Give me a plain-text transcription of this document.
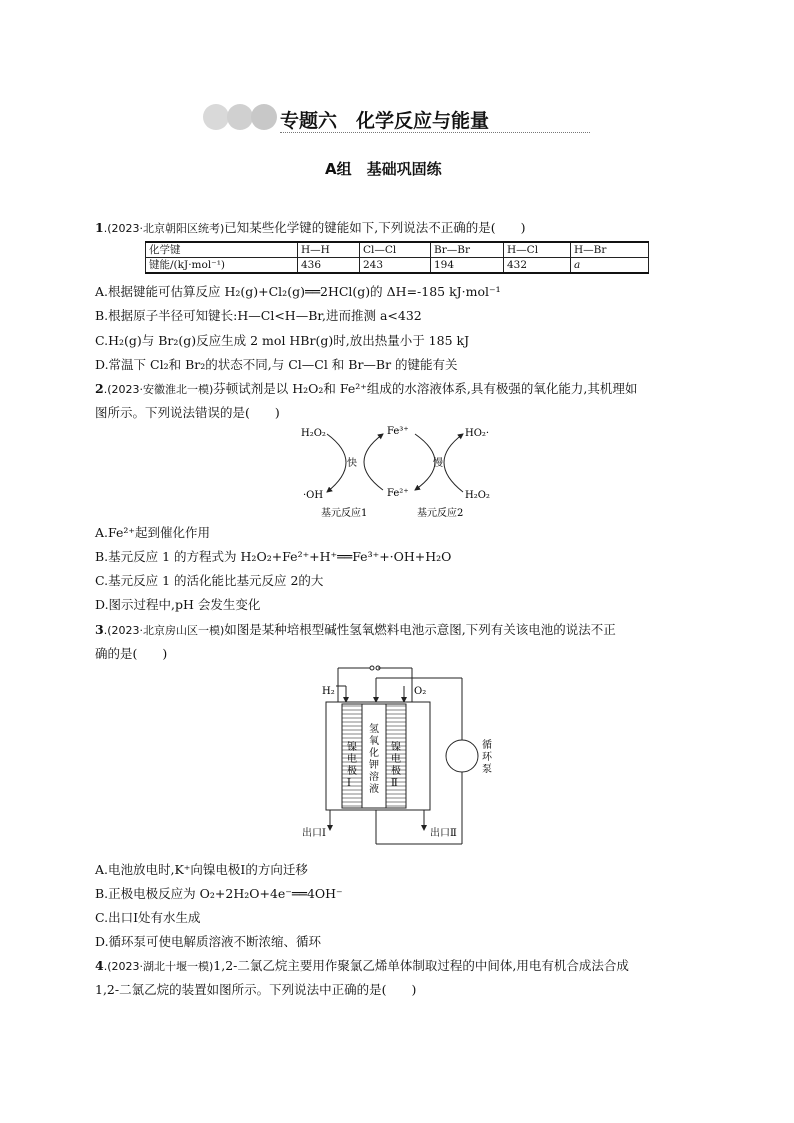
专题六　化学反应与能量
A组　基础巩固练
1.(2023·北京朝阳区统考)已知某些化学键的键能如下,下列说法不正确的是(　　)
化学键	H—H	Cl—Cl	Br—Br	H—Cl	H—Br
键能/(kJ·mol⁻¹)	436	243	194	432	a
A.根据键能可估算反应 H₂(g)+Cl₂(g)══2HCl(g)的 ΔH=-185 kJ·mol⁻¹
B.根据原子半径可知键长:H—Cl<H—Br,进而推测 a<432
C.H₂(g)与 Br₂(g)反应生成 2 mol HBr(g)时,放出热量小于 185 kJ
D.常温下 Cl₂和 Br₂的状态不同,与 Cl—Cl 和 Br—Br 的键能有关
2.(2023·安徽淮北一模)芬顿试剂是以 H₂O₂和 Fe²⁺组成的水溶液体系,具有极强的氧化能力,其机理如
图所示。下列说法错误的是(　　)
H₂O₂	Fe³⁺	HO₂·
·OH	Fe²⁺	H₂O₂
快	慢
基元反应1	基元反应2
A.Fe²⁺起到催化作用
B.基元反应 1 的方程式为 H₂O₂+Fe²⁺+H⁺══Fe³⁺+·OH+H₂O
C.基元反应 1 的活化能比基元反应 2的大
D.图示过程中,pH 会发生变化
3.(2023·北京房山区一模)如图是某种培根型碱性氢氧燃料电池示意图,下列有关该电池的说法不正
确的是(　　)
H₂	O₂
出口Ⅰ	出口Ⅱ
镍
电
极
Ⅰ
氢
氧
化
钾
溶
液
镍
电
极
Ⅱ
循
环
泵
A.电池放电时,K⁺向镍电极Ⅰ的方向迁移
B.正极电极反应为 O₂+2H₂O+4e⁻══4OH⁻
C.出口Ⅰ处有水生成
D.循环泵可使电解质溶液不断浓缩、循环
4.(2023·湖北十堰一模)1,2-二氯乙烷主要用作聚氯乙烯单体制取过程的中间体,用电有机合成法合成
1,2-二氯乙烷的装置如图所示。下列说法中正确的是(　　)
